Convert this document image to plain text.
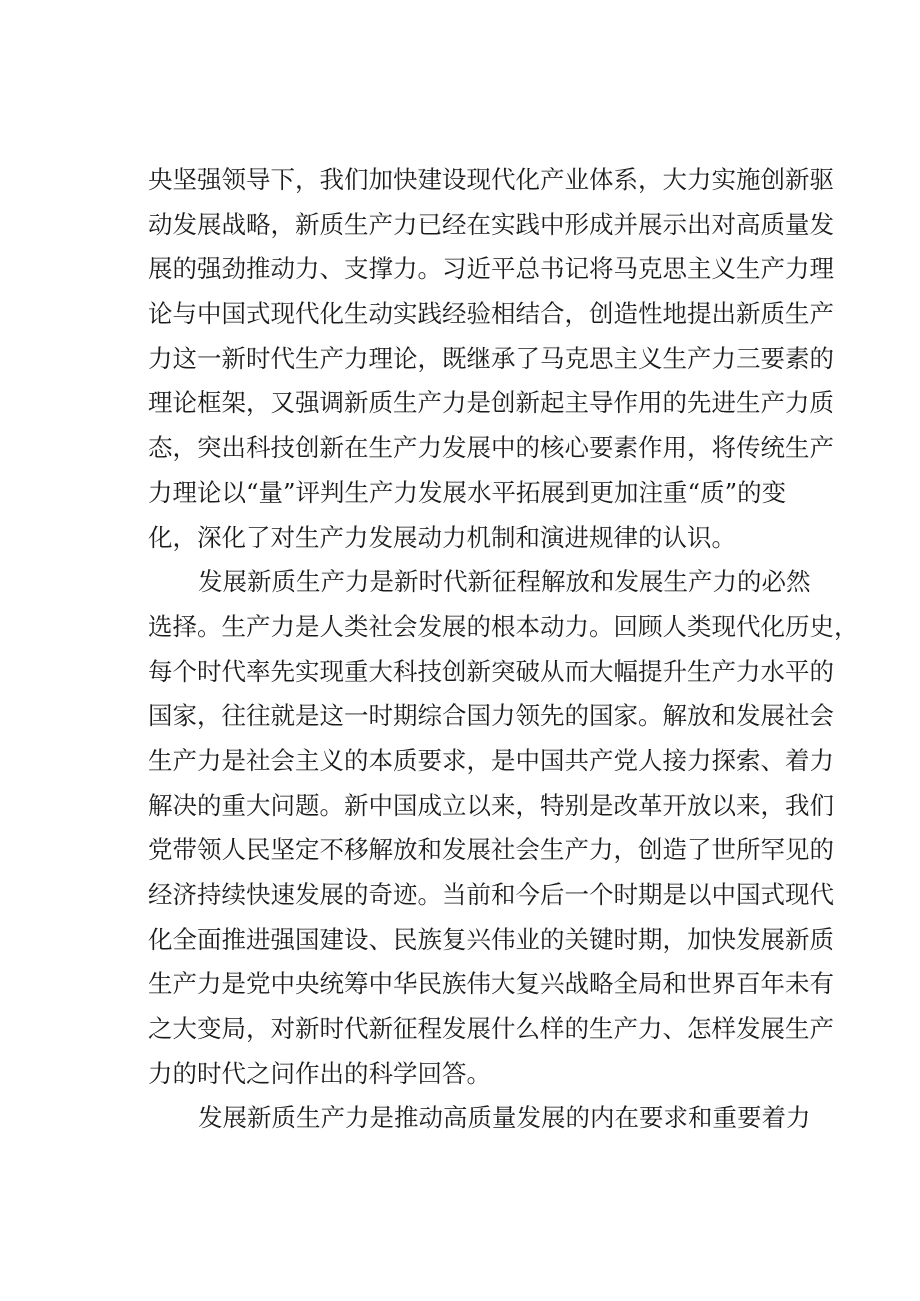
央坚强领导下，我们加快建设现代化产业体系，大力实施创新驱
动发展战略，新质生产力已经在实践中形成并展示出对高质量发
展的强劲推动力、支撑力。习近平总书记将马克思主义生产力理
论与中国式现代化生动实践经验相结合，创造性地提出新质生产
力这一新时代生产力理论，既继承了马克思主义生产力三要素的
理论框架，又强调新质生产力是创新起主导作用的先进生产力质
态，突出科技创新在生产力发展中的核心要素作用，将传统生产
力理论以“量”评判生产力发展水平拓展到更加注重“质”的变
化，深化了对生产力发展动力机制和演进规律的认识。
发展新质生产力是新时代新征程解放和发展生产力的必然
选择。生产力是人类社会发展的根本动力。回顾人类现代化历史，
每个时代率先实现重大科技创新突破从而大幅提升生产力水平的
国家，往往就是这一时期综合国力领先的国家。解放和发展社会
生产力是社会主义的本质要求，是中国共产党人接力探索、着力
解决的重大问题。新中国成立以来，特别是改革开放以来，我们
党带领人民坚定不移解放和发展社会生产力，创造了世所罕见的
经济持续快速发展的奇迹。当前和今后一个时期是以中国式现代
化全面推进强国建设、民族复兴伟业的关键时期，加快发展新质
生产力是党中央统筹中华民族伟大复兴战略全局和世界百年未有
之大变局，对新时代新征程发展什么样的生产力、怎样发展生产
力的时代之问作出的科学回答。
发展新质生产力是推动高质量发展的内在要求和重要着力
